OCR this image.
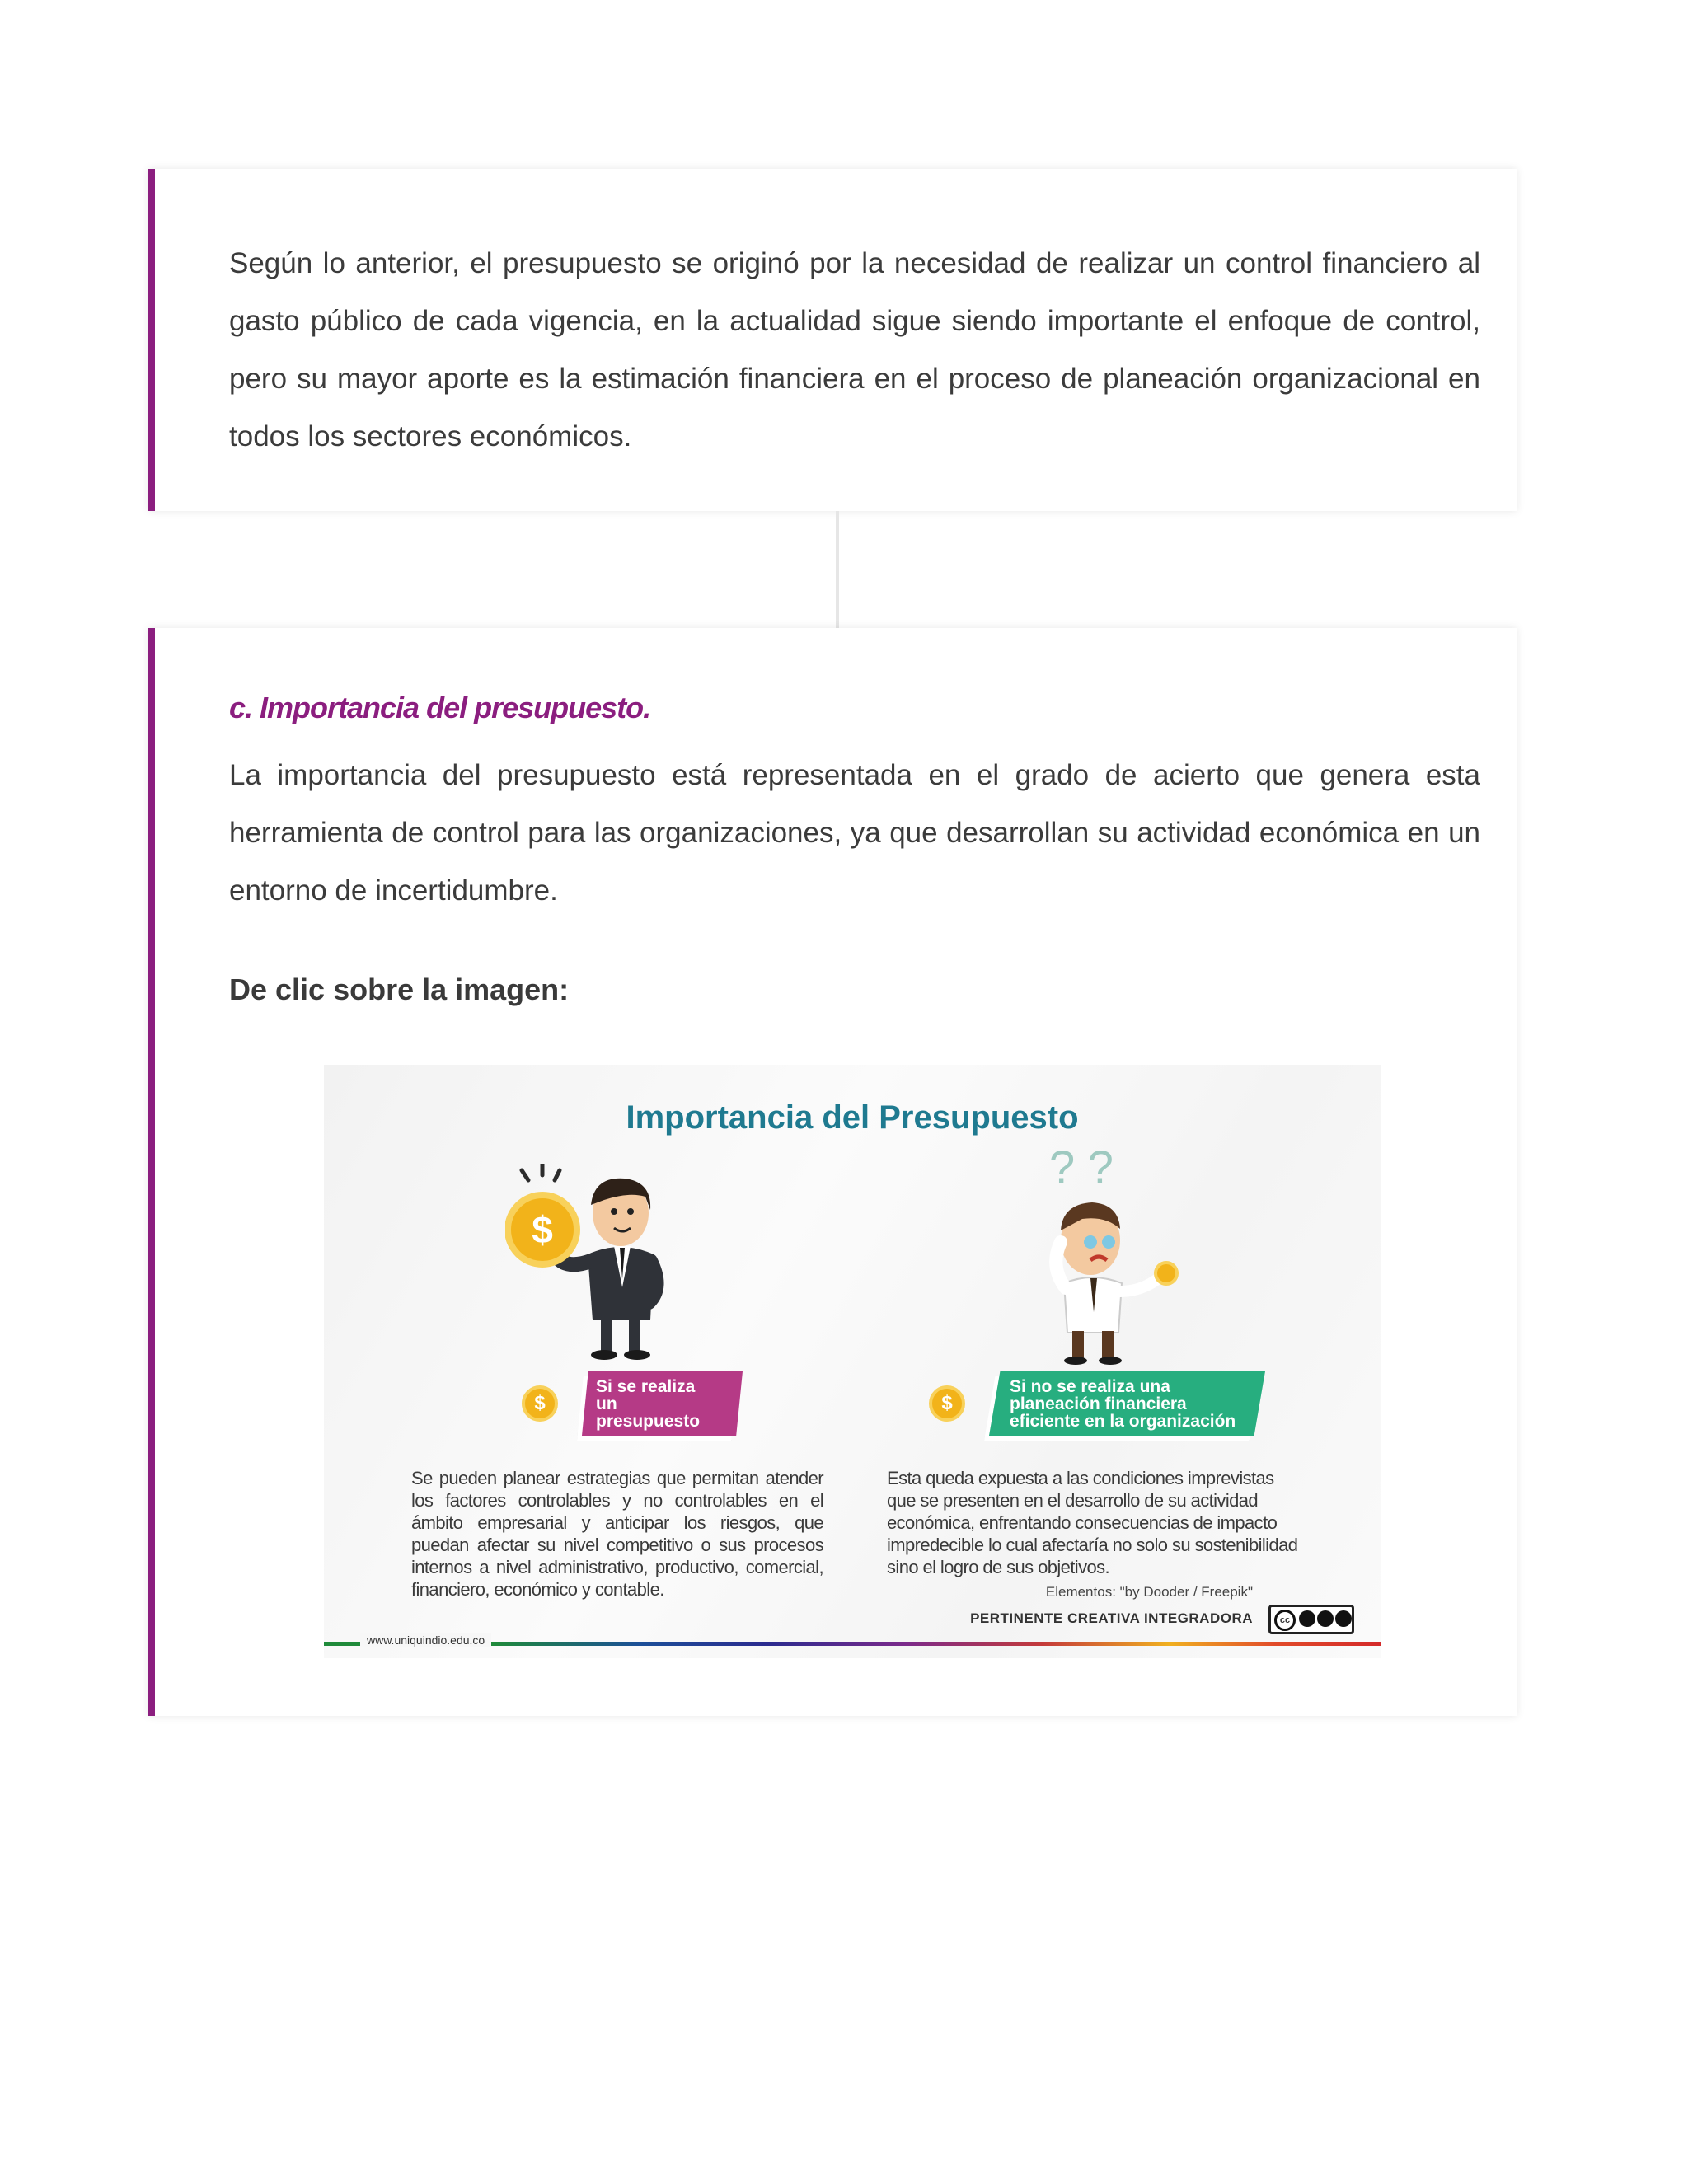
Según lo anterior, el presupuesto se originó por la necesidad de realizar un control financiero al gasto público de cada vigencia, en la actualidad sigue siendo importante el enfoque de control, pero su mayor aporte es la estimación financiera en el proceso de planeación organizacional en todos los sectores económicos.

c. Importancia del presupuesto.

La importancia del presupuesto está representada en el grado de acierto que genera esta herramienta de control para las organizaciones, ya que desarrollan su actividad económica en un entorno de incertidumbre.

De clic sobre la imagen:

Importancia del Presupuesto
$
? ?
$
Si se realiza un presupuesto
$
Si no se realiza una planeación financiera eficiente en la organización

Se pueden planear estrategias que permitan atender los factores controlables y no controlables en el ámbito empresarial y anticipar los riesgos, que puedan afectar su nivel competitivo o sus procesos internos a nivel administrativo, productivo, comercial, financiero, económico y contable.

Esta queda expuesta a las condiciones imprevistas que se presenten en el desarrollo de su actividad económica, enfrentando consecuencias de impacto impredecible lo cual afectaría no solo su sostenibilidad sino el logro de sus objetivos.

Elementos: "by Dooder / Freepik"

PERTINENTE CREATIVA INTEGRADORA	cc

www.uniquindio.edu.co
